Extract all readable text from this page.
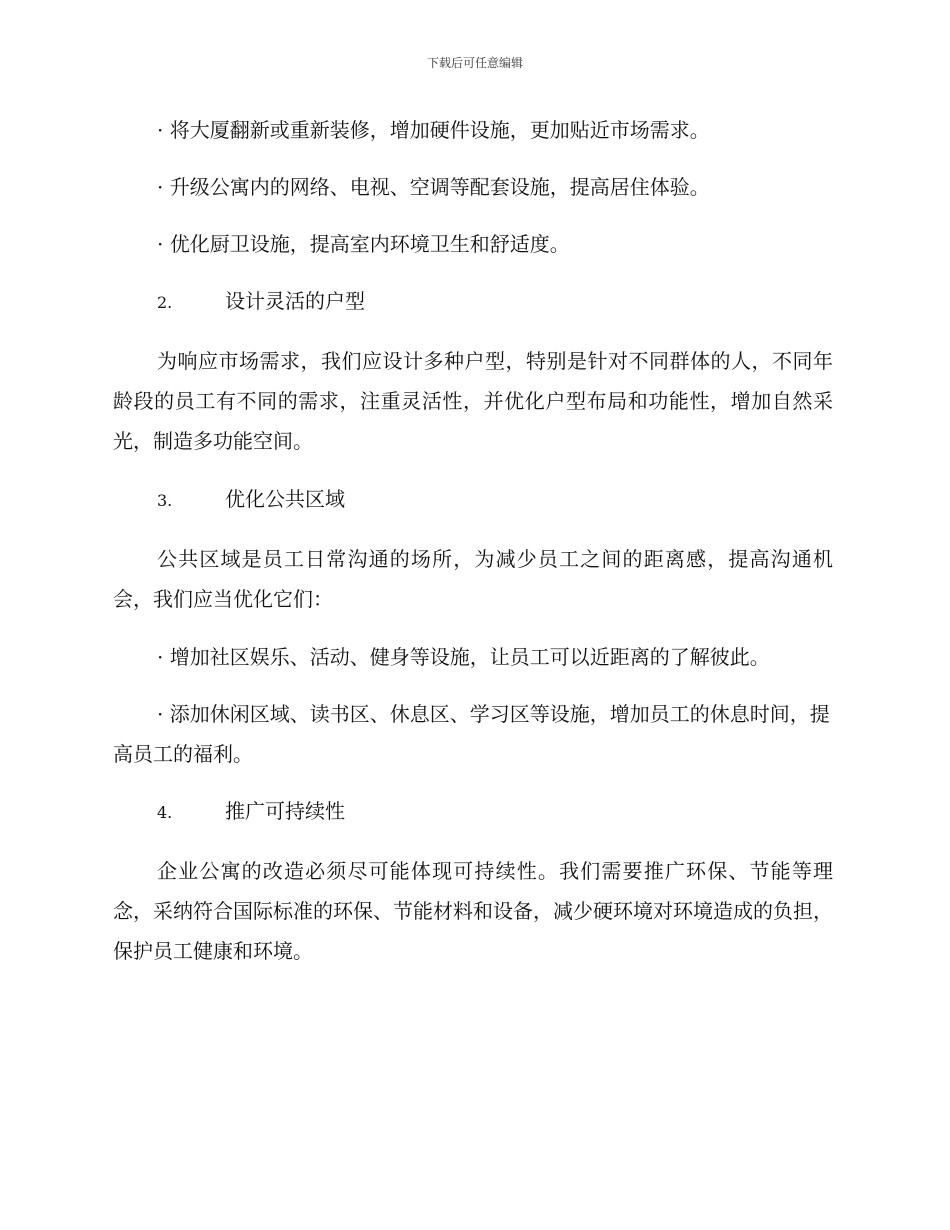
下载后可任意编辑

· 将大厦翻新或重新装修，增加硬件设施，更加贴近市场需求。

· 升级公寓内的网络、电视、空调等配套设施，提高居住体验。

· 优化厨卫设施，提高室内环境卫生和舒适度。

2.	设计灵活的户型

为响应市场需求，我们应设计多种户型，特别是针对不同群体的人，不同年龄段的员工有不同的需求，注重灵活性，并优化户型布局和功能性，增加自然采光，制造多功能空间。

3.	优化公共区域

公共区域是员工日常沟通的场所，为减少员工之间的距离感，提高沟通机会，我们应当优化它们：

· 增加社区娱乐、活动、健身等设施，让员工可以近距离的了解彼此。

· 添加休闲区域、读书区、休息区、学习区等设施，增加员工的休息时间，提高员工的福利。

4.	推广可持续性

企业公寓的改造必须尽可能体现可持续性。我们需要推广环保、节能等理念，采纳符合国际标准的环保、节能材料和设备，减少硬环境对环境造成的负担，保护员工健康和环境。
